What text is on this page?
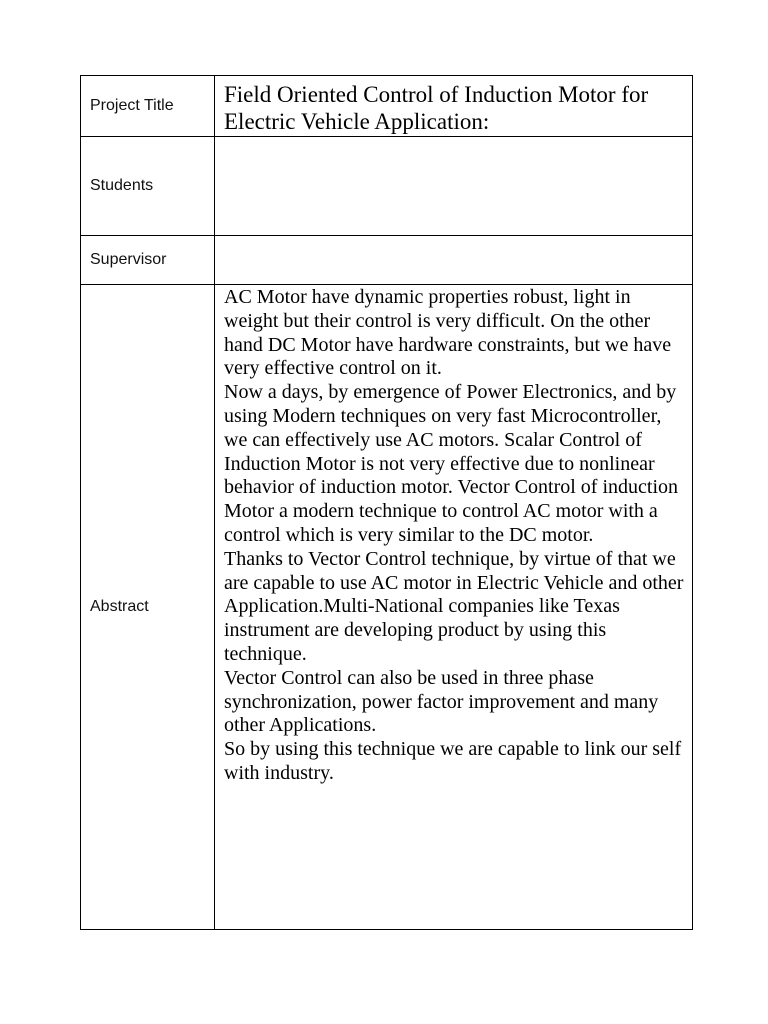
Project Title	Field Oriented Control of Induction Motor for Electric Vehicle Application:

Students	
Supervisor	
Abstract	AC Motor have dynamic properties robust, light in weight but their control is very difficult. On the other hand DC Motor have hardware constraints, but we have very effective control on it.

Now a days, by emergence of Power Electronics, and by using Modern techniques on very fast Microcontroller, we can effectively use AC motors. Scalar Control of Induction Motor is not very effective due to nonlinear behavior of induction motor. Vector Control of induction Motor a modern technique to control AC motor with a control which is very similar to the DC motor.

Thanks to Vector Control technique, by virtue of that we are capable to use AC motor in Electric Vehicle and other Application.Multi-National companies like Texas instrument are developing product by using this technique.

Vector Control can also be used in three phase synchronization, power factor improvement and many other Applications.

So by using this technique we are capable to link our self with industry.
